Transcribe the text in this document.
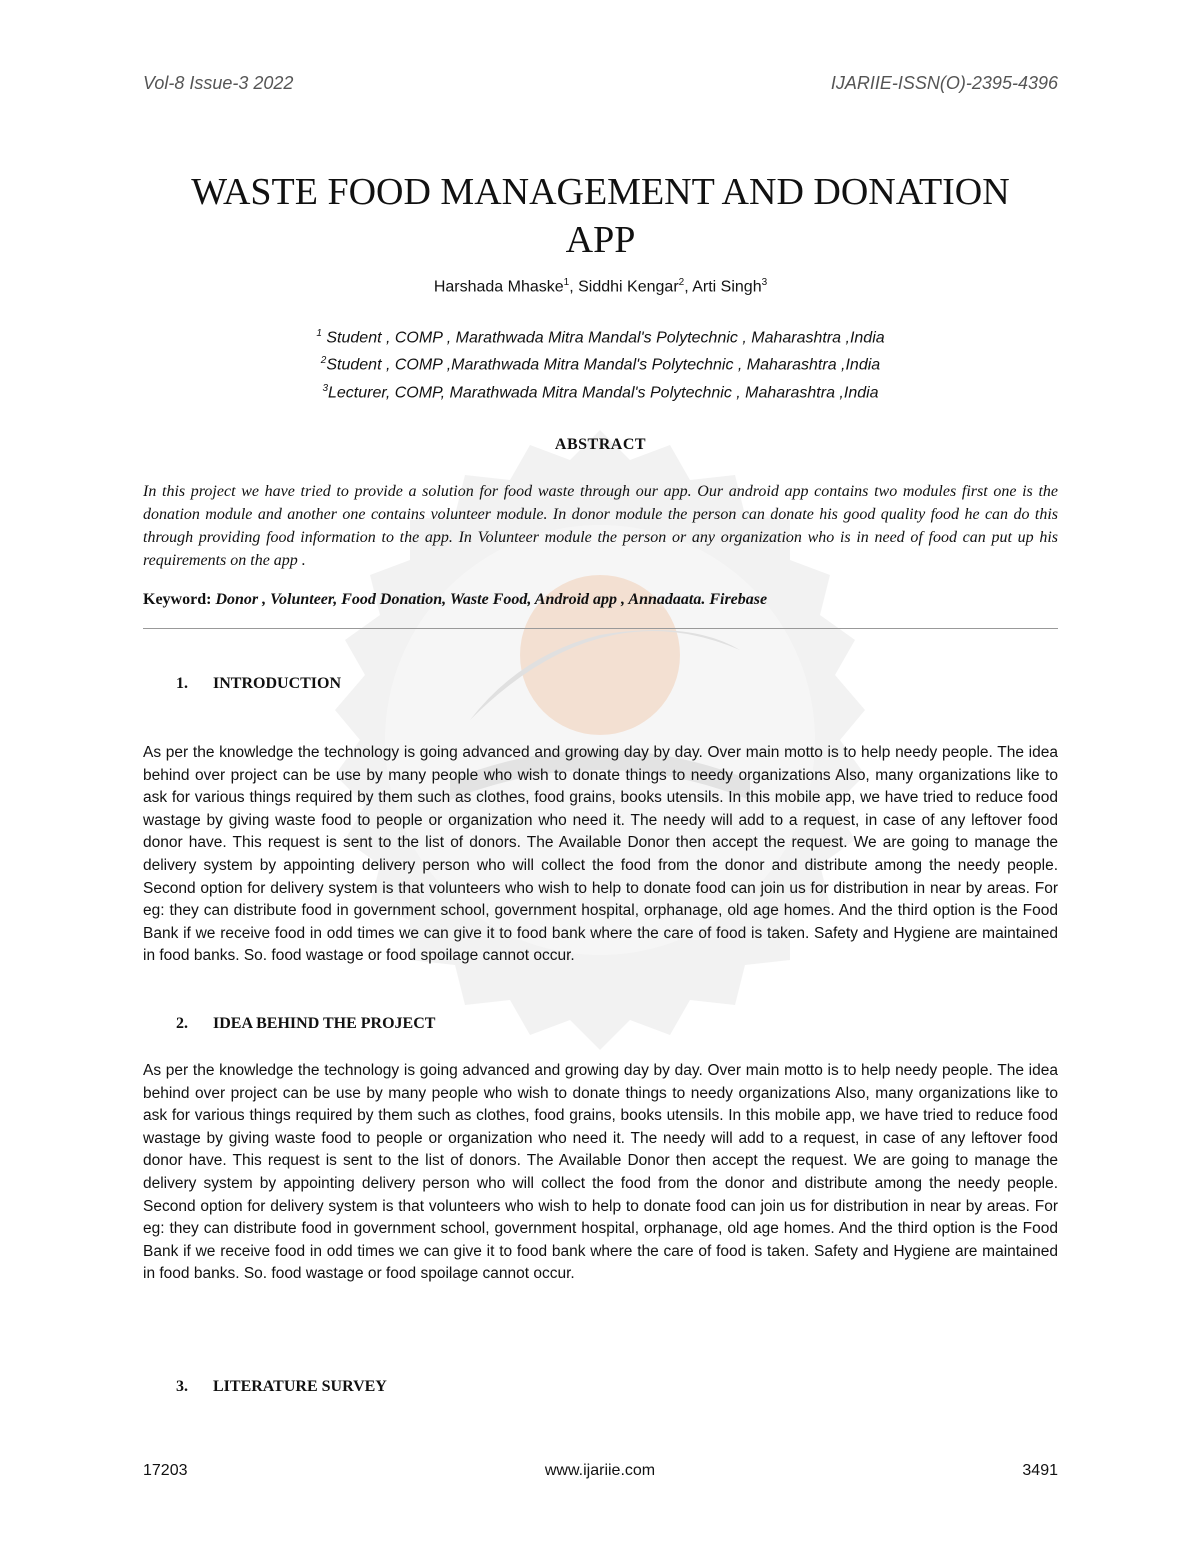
Vol-8 Issue-3 2022	IJARIIE-ISSN(O)-2395-4396
WASTE FOOD MANAGEMENT AND DONATION
APP
Harshada Mhaske$^1$, Siddhi Kengar$^2$, Arti Singh$^3$
$^1$ Student , COMP , Marathwada Mitra Mandal's Polytechnic , Maharashtra ,India
$^2$Student , COMP ,Marathwada Mitra Mandal's Polytechnic , Maharashtra ,India
$^3$Lecturer, COMP, Marathwada Mitra Mandal's Polytechnic , Maharashtra ,India
ABSTRACT
In this project we have tried to provide a solution for food waste through our app. Our android app contains two modules first one is the donation module and another one contains volunteer module. In donor module the person can donate his good quality food he can do this through providing food information to the app. In Volunteer module the person or any organization who is in need of food can put up his requirements on the app .
Keyword: Donor , Volunteer, Food Donation, Waste Food, Android app , Annadaata. Firebase
1. INTRODUCTION
As per the knowledge the technology is going advanced and growing day by day. Over main motto is to help needy people. The idea behind over project can be use by many people who wish to donate things to needy organizations Also, many organizations like to ask for various things required by them such as clothes, food grains, books utensils. In this mobile app, we have tried to reduce food wastage by giving waste food to people or organization who need it. The needy will add to a request, in case of any leftover food donor have. This request is sent to the list of donors. The Available Donor then accept the request. We are going to manage the delivery system by appointing delivery person who will collect the food from the donor and distribute among the needy people. Second option for delivery system is that volunteers who wish to help to donate food can join us for distribution in near by areas. For eg: they can distribute food in government school, government hospital, orphanage, old age homes. And the third option is the Food Bank if we receive food in odd times we can give it to food bank where the care of food is taken. Safety and Hygiene are maintained in food banks. So. food wastage or food spoilage cannot occur.
2. IDEA BEHIND THE PROJECT
As per the knowledge the technology is going advanced and growing day by day. Over main motto is to help needy people. The idea behind over project can be use by many people who wish to donate things to needy organizations Also, many organizations like to ask for various things required by them such as clothes, food grains, books utensils. In this mobile app, we have tried to reduce food wastage by giving waste food to people or organization who need it. The needy will add to a request, in case of any leftover food donor have. This request is sent to the list of donors. The Available Donor then accept the request. We are going to manage the delivery system by appointing delivery person who will collect the food from the donor and distribute among the needy people. Second option for delivery system is that volunteers who wish to help to donate food can join us for distribution in near by areas. For eg: they can distribute food in government school, government hospital, orphanage, old age homes. And the third option is the Food Bank if we receive food in odd times we can give it to food bank where the care of food is taken. Safety and Hygiene are maintained in food banks. So. food wastage or food spoilage cannot occur.
3. LITERATURE SURVEY
17203	www.ijariie.com	3491
